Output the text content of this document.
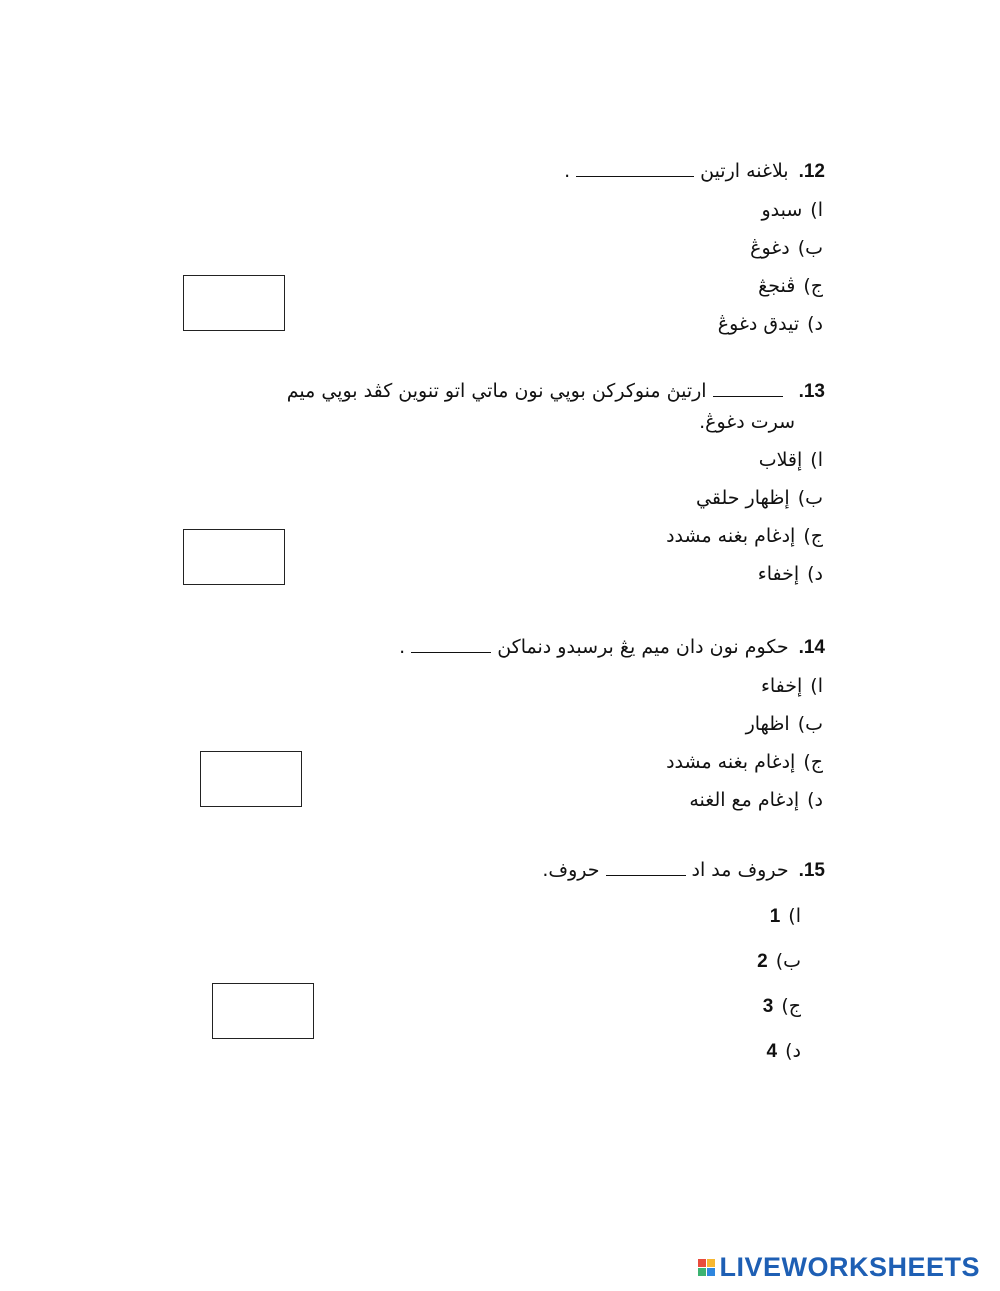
12.بلاغنه ارتين.
ا)سبدو
ب)دغوڠ
ج)ڤنجڠ
د)تيدق دغوڠ
13.ارتيڽ منوكركن بوڽي نون ماتي اتو تنوين كڤد بوڽي ميم
سرت دغوڠ.
ا)إقلاب
ب)إظهار حلقي
ج)إدغام بغنه مشدد
د)إخفاء
14.حكوم نون دان ميم يڠ برسبدو دنماكن.
ا)إخفاء
ب)اظهار
ج)إدغام بغنه مشدد
د)إدغام مع الغنه
15.حروف مد ادحروف.
ا)1
ب)2
ج)3
د)4
LIVEWORKSHEETS
